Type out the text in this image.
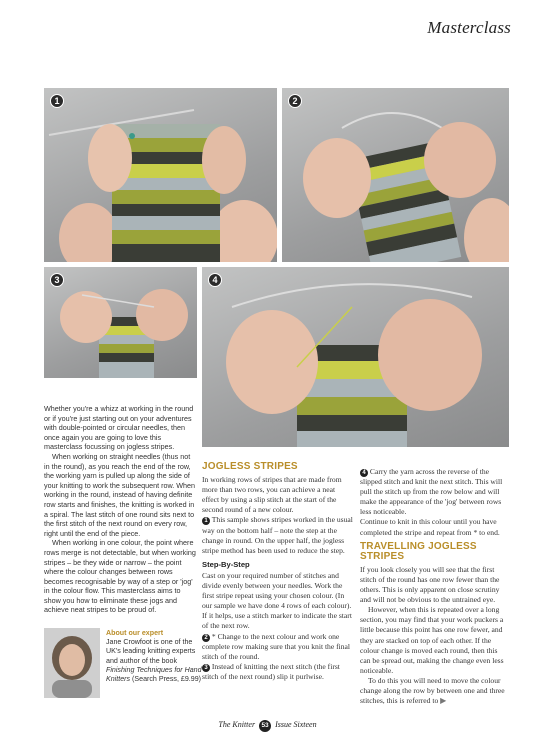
Masterclass
1	2
3	4

Whether you're a whizz at working in the round or if you're just starting out on your adventures with double-pointed or circular needles, then once again you are going to love this masterclass focussing on jogless stripes.

When working on straight needles (thus not in the round), as you reach the end of the row, the working yarn is pulled up along the side of your knitting to work the subsequent row. When working in the round, instead of having definite row starts and finishes, the knitting is worked in a spiral. The last stitch of one round sits next to the first stitch of the next round on every row, right until the end of the piece.

When working in one colour, the point where rows merge is not detectable, but when working stripes – be they wide or narrow – the point where the colour changes between rows becomes recognisable by way of a step or 'jog' in the colour flow. This masterclass aims to show you how to eliminate these jogs and achieve neat stripes to be proud of.

About our expert
Jane Crowfoot is one of the UK's leading knitting experts and author of the book Finishing Techniques for Hand Knitters (Search Press, £9.99)
JOGLESS STRIPES

In working rows of stripes that are made from more than two rows, you can achieve a neat effect by using a slip stitch at the start of the second round of a new colour.

1 This sample shows stripes worked in the usual way on the bottom half – note the step at the change in round. On the upper half, the jogless stripe method has been used to reduce the step.

Step-By-Step

Cast on your required number of stitches and divide evenly between your needles. Work the first stripe repeat using your chosen colour. (In our sample we have done 4 rows of each colour). If it helps, use a stitch marker to indicate the start of the next row.

2 * Change to the next colour and work one complete row making sure that you knit the final stitch of the round.

3 Instead of knitting the next stitch (the first stitch of the next round) slip it purlwise.

4 Carry the yarn across the reverse of the slipped stitch and knit the next stitch. This will pull the stitch up from the row below and will make the appearance of the 'jog' between rows less noticeable.

Continue to knit in this colour until you have completed the stripe and repeat from * to end.

TRAVELLING JOGLESS STRIPES

If you look closely you will see that the first stitch of the round has one row fewer than the others. This is only apparent on close scrutiny and will not be obvious to the untrained eye.

However, when this is repeated over a long section, you may find that your work puckers a little because this point has one row fewer, and they are stacked on top of each other. If the colour change is moved each round, then this can be spread out, making the change even less noticeable.

To do this you will need to move the colour change along the row by between one and three stitches, this is referred to ▶

The Knitter 53 Issue Sixteen
